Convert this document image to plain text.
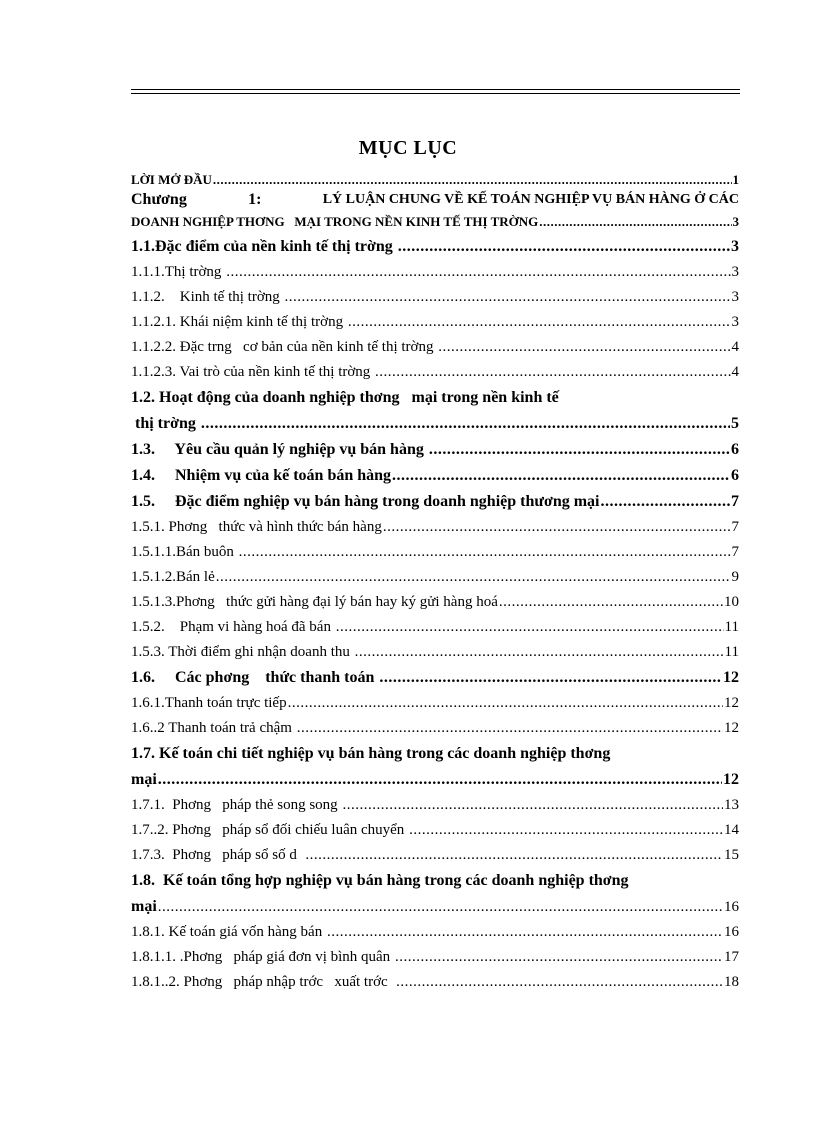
MỤC LỤC
LỜI MỞ ĐẦU .....	1
Chương	1:	LÝ LUẬN CHUNG VỀ KẾ TOÁN NGHIỆP VỤ BÁN HÀNG Ở CÁC
DOANH NGHIỆP THƠNG   MẠI TRONG NỀN KINH TẾ THỊ TRỜNG .....	3
1.1.Đặc điểm của nền kinh tế thị trờng .....	3
1.1.1.Thị trờng .....	3
1.1.2.    Kinh tế thị trờng .....	3
1.1.2.1. Khái niệm kinh tế thị trờng .....	3
1.1.2.2. Đặc trng   cơ bản của nền kinh tế thị trờng .....	4
1.1.2.3. Vai trò của nền kinh tế thị trờng .....	4
1.2. Hoạt động của doanh nghiệp thơng   mại trong nền kinh tế
thị trờng .....	5
1.3.     Yêu cầu quản lý nghiệp vụ bán hàng .....	6
1.4.     Nhiệm vụ của kế toán bán hàng .....	6
1.5.     Đặc điểm nghiệp vụ bán hàng trong doanh nghiệp thương mại .....	7
1.5.1. Phơng   thức và hình thức bán hàng .....	7
1.5.1.1.Bán buôn .....	7
1.5.1.2.Bán lẻ .....	9
1.5.1.3.Phơng   thức gửi hàng đại lý bán hay ký gửi hàng hoá .....	10
1.5.2.    Phạm vi hàng hoá đã bán .....	11
1.5.3. Thời điểm ghi nhận doanh thu .....	11
1.6.     Các phơng    thức thanh toán .....	12
1.6.1.Thanh toán trực tiếp .....	12
1.6..2 Thanh toán trả chậm .....	12
1.7. Kế toán chi tiết nghiệp vụ bán hàng trong các doanh nghiệp thơng
mại .....	12
1.7.1.  Phơng   pháp thẻ song song .....	13
1.7..2. Phơng   pháp sổ đối chiếu luân chuyển .....	14
1.7.3.  Phơng   pháp sổ số d .....	15
1.8.  Kế toán tổng hợp nghiệp vụ bán hàng trong các doanh nghiệp thơng
mại .....	16
1.8.1. Kế toán giá vốn hàng bán .....	16
1.8.1.1. .Phơng   pháp giá đơn vị bình quân .....	17
1.8.1..2. Phơng   pháp nhập trớc   xuất trớc .....	18
